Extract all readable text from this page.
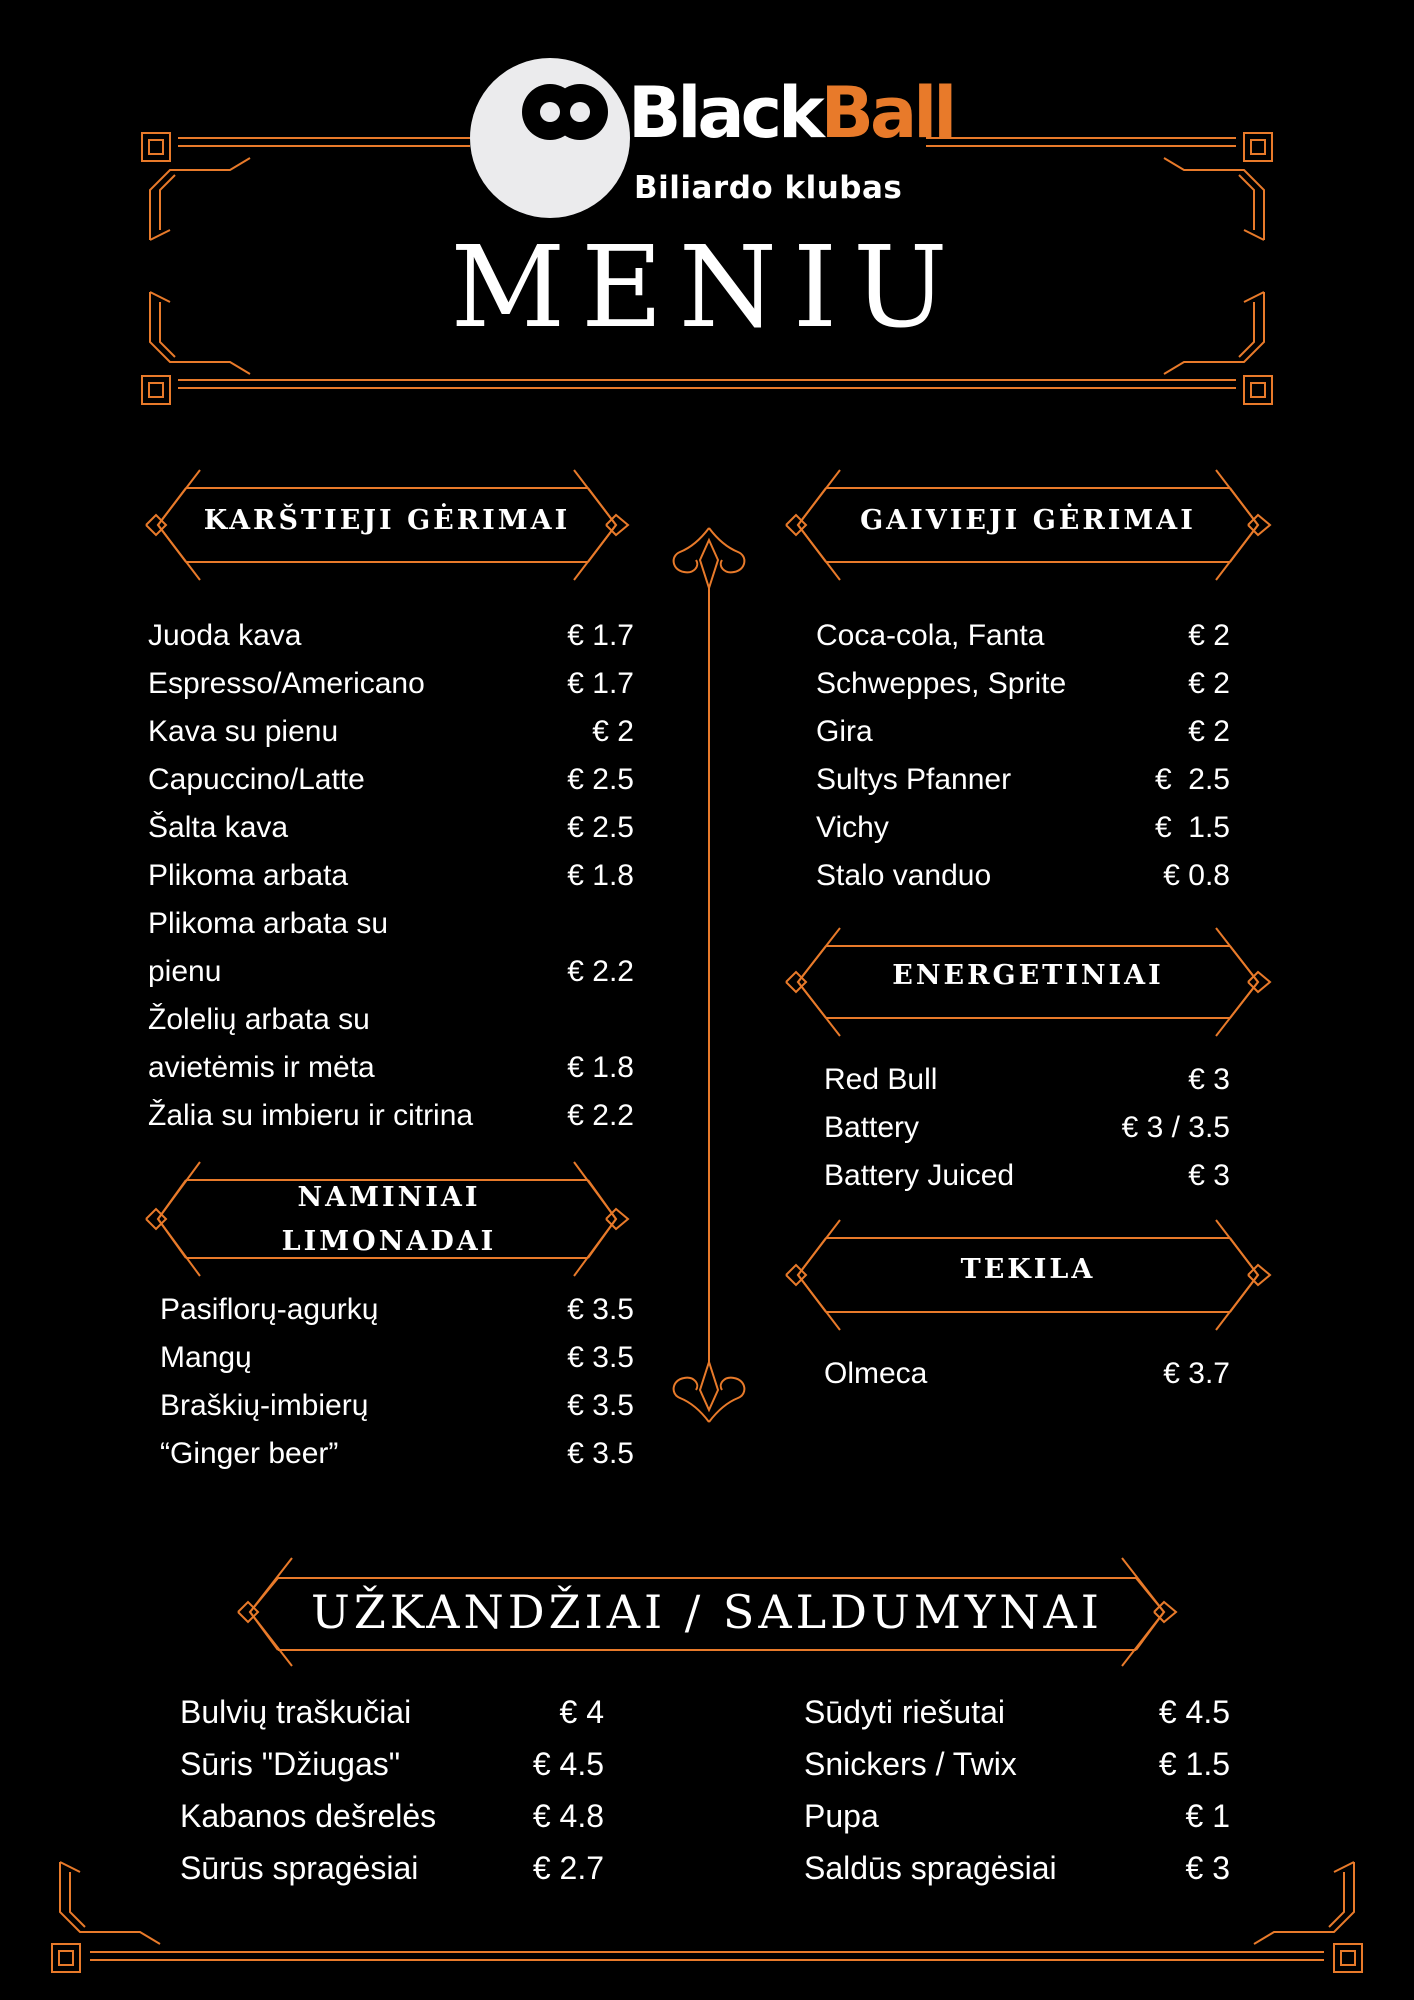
BlackBall
Biliardo klubas
MENIU
KARŠTIEJI GĖRIMAI	GAIVIEJI GĖRIMAI
NAMINIAI LIMONADAI
ENERGETINIAI
TEKILA
UŽKANDŽIAI / SALDUMYNAI
Juoda kava	€ 1.7
Espresso/Americano	€ 1.7
Kava su pienu	€ 2
Capuccino/Latte	€ 2.5
Šalta kava	€ 2.5
Plikoma arbata	€ 1.8
Plikoma arbata su pienu	€ 2.2
Žolelių arbata su avietėmis ir mėta	€ 1.8
Žalia su imbieru ir citrina	€ 2.2
Pasiflorų-agurkų	€ 3.5
Mangų	€ 3.5
Braškių-imbierų	€ 3.5
“Ginger beer”	€ 3.5
Coca-cola, Fanta	€ 2
Schweppes, Sprite	€ 2
Gira	€ 2
Sultys Pfanner	€  2.5
Vichy	€  1.5
Stalo vanduo	€ 0.8
Red Bull	€ 3
Battery	€ 3 / 3.5
Battery Juiced	€ 3
Olmeca	€ 3.7
Bulvių traškučiai	€ 4
Sūris "Džiugas"	€ 4.5
Kabanos dešrelės	€ 4.8
Sūrūs spragėsiai	€ 2.7
Sūdyti riešutai	€ 4.5
Snickers / Twix	€ 1.5
Pupa	€ 1
Saldūs spragėsiai	€ 3
